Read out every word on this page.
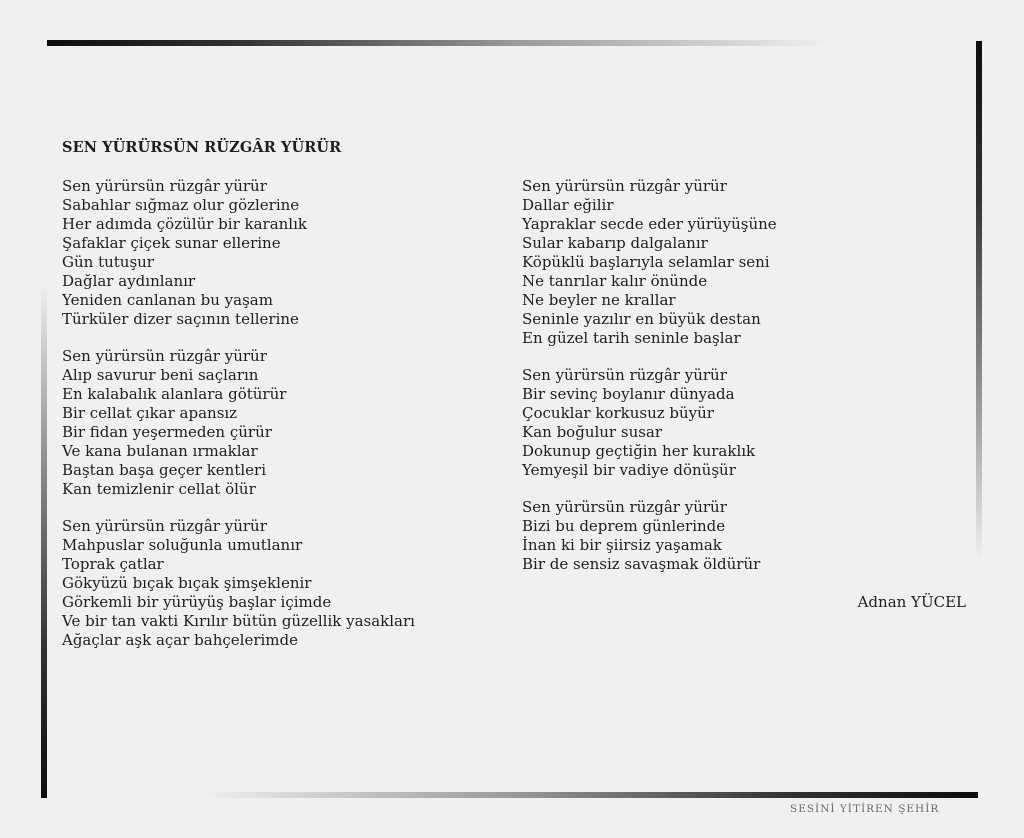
SEN YÜRÜRSÜN RÜZGÂR YÜRÜR

Sen yürürsün rüzgâr yürür
Sabahlar sığmaz olur gözlerine
Her adımda çözülür bir karanlık
Şafaklar çiçek sunar ellerine
Gün tutuşur
Dağlar aydınlanır
Yeniden canlanan bu yaşam
Türküler dizer saçının tellerine

Sen yürürsün rüzgâr yürür
Alıp savurur beni saçların
En kalabalık alanlara götürür
Bir cellat çıkar apansız
Bir fidan yeşermeden çürür
Ve kana bulanan ırmaklar
Baştan başa geçer kentleri
Kan temizlenir cellat ölür

Sen yürürsün rüzgâr yürür
Mahpuslar soluğunla umutlanır
Toprak çatlar
Gökyüzü bıçak bıçak şimşeklenir
Görkemli bir yürüyüş başlar içimde
Ve bir tan vakti Kırılır bütün güzellik yasakları
Ağaçlar aşk açar bahçelerimde

Sen yürürsün rüzgâr yürür
Dallar eğilir
Yapraklar secde eder yürüyüşüne
Sular kabarıp dalgalanır
Köpüklü başlarıyla selamlar seni
Ne tanrılar kalır önünde
Ne beyler ne krallar
Seninle yazılır en büyük destan
En güzel tarih seninle başlar

Sen yürürsün rüzgâr yürür
Bir sevinç boylanır dünyada
Çocuklar korkusuz büyür
Kan boğulur susar
Dokunup geçtiğin her kuraklık
Yemyeşil bir vadiye dönüşür

Sen yürürsün rüzgâr yürür
Bizi bu deprem günlerinde
İnan ki bir şiirsiz yaşamak
Bir de sensiz savaşmak öldürür

Adnan YÜCEL
SESİNİ YİTİREN ŞEHİR
